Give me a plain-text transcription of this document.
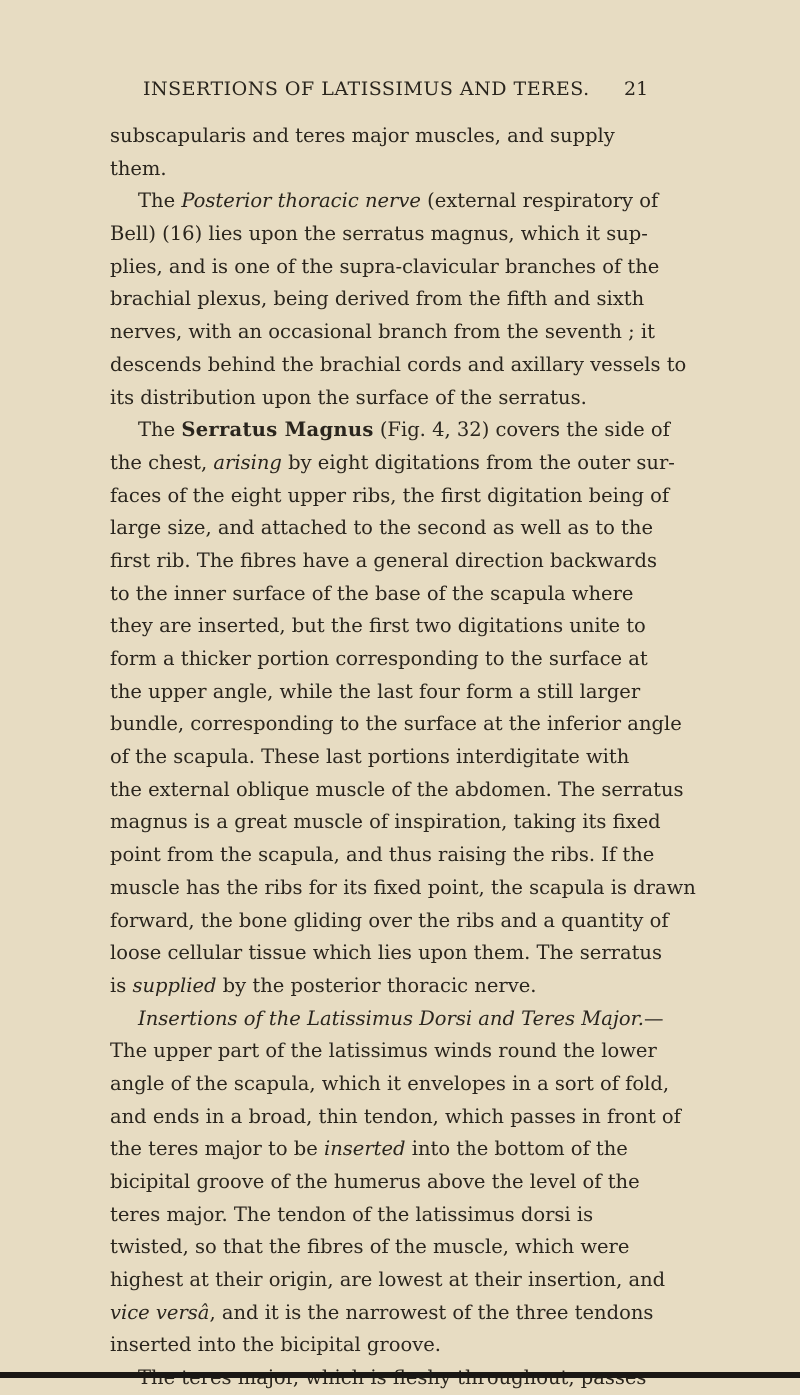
INSERTIONS OF LATISSIMUS AND TERES.	21
subscapularis and teres major muscles, and supply
them.
The Posterior thoracic nerve (external respiratory of
Bell) (16) lies upon the serratus magnus, which it sup-
plies, and is one of the supra-clavicular branches of the
brachial plexus, being derived from the fifth and sixth
nerves, with an occasional branch from the seventh ; it
descends behind the brachial cords and axillary vessels to
its distribution upon the surface of the serratus.
The Serratus Magnus (Fig. 4, 32) covers the side of
the chest, arising by eight digitations from the outer sur-
faces of the eight upper ribs, the first digitation being of
large size, and attached to the second as well as to the
first rib. The fibres have a general direction backwards
to the inner surface of the base of the scapula where
they are inserted, but the first two digitations unite to
form a thicker portion corresponding to the surface at
the upper angle, while the last four form a still larger
bundle, corresponding to the surface at the inferior angle
of the scapula. These last portions interdigitate with
the external oblique muscle of the abdomen. The serratus
magnus is a great muscle of inspiration, taking its fixed
point from the scapula, and thus raising the ribs. If the
muscle has the ribs for its fixed point, the scapula is drawn
forward, the bone gliding over the ribs and a quantity of
loose cellular tissue which lies upon them. The serratus
is supplied by the posterior thoracic nerve.
Insertions of the Latissimus Dorsi and Teres Major.—
The upper part of the latissimus winds round the lower
angle of the scapula, which it envelopes in a sort of fold,
and ends in a broad, thin tendon, which passes in front of
the teres major to be inserted into the bottom of the
bicipital groove of the humerus above the level of the
teres major. The tendon of the latissimus dorsi is
twisted, so that the fibres of the muscle, which were
highest at their origin, are lowest at their insertion, and
vice versâ, and it is the narrowest of the three tendons
inserted into the bicipital groove.
